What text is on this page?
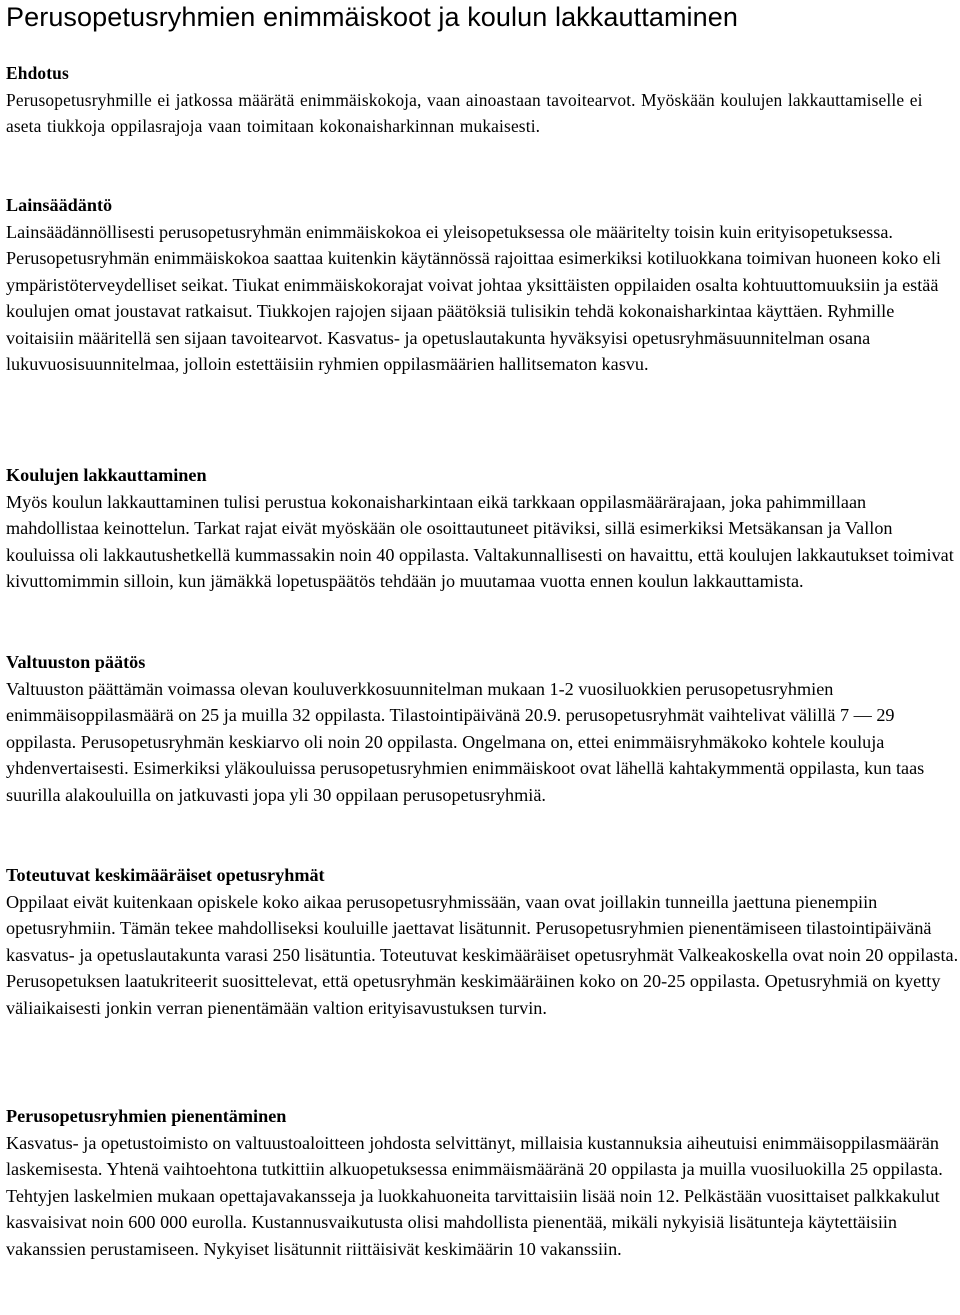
Perusopetusryhmien enimmäiskoot ja koulun lakkauttaminen
Ehdotus
Perusopetusryhmille ei jatkossa määrätä enimmäiskokoja, vaan ainoastaan tavoitearvot. Myöskään koulujen lakkauttamiselle ei aseta tiukkoja oppilasrajoja vaan toimitaan kokonaisharkinnan mukaisesti.
Lainsäädäntö
Lainsäädännöllisesti perusopetusryhmän enimmäiskokoa ei yleisopetuksessa ole määritelty toisin kuin erityisopetuksessa. Perusopetusryhmän enimmäiskokoa saattaa kuitenkin käytännössä rajoittaa esimerkiksi kotiluokkana toimivan huoneen koko eli ympäristöterveydelliset seikat. Tiukat enimmäiskokorajat voivat johtaa yksittäisten oppilaiden osalta kohtuuttomuuksiin ja estää koulujen omat joustavat ratkaisut. Tiukkojen rajojen sijaan päätöksiä tulisikin tehdä kokonaisharkintaa käyttäen. Ryhmille voitaisiin määritellä sen sijaan tavoitearvot. Kasvatus- ja opetuslautakunta hyväksyisi opetusryhmäsuunnitelman osana lukuvuosisuunnitelmaa, jolloin estettäisiin ryhmien oppilasmäärien hallitsematon kasvu.
Koulujen lakkauttaminen
Myös koulun lakkauttaminen tulisi perustua kokonaisharkintaan eikä tarkkaan oppilasmäärärajaan, joka pahimmillaan mahdollistaa keinottelun. Tarkat rajat eivät myöskään ole osoittautuneet pitäviksi, sillä esimerkiksi Metsäkansan ja Vallon kouluissa oli lakkautushetkellä kummassakin noin 40 oppilasta. Valtakunnallisesti on havaittu, että koulujen lakkautukset toimivat kivuttomimmin silloin, kun jämäkkä lopetuspäätös tehdään jo muutamaa vuotta ennen koulun lakkauttamista.
Valtuuston päätös
Valtuuston päättämän voimassa olevan kouluverkkosuunnitelman mukaan 1-2 vuosiluokkien perusopetusryhmien enimmäisoppilasmäärä on 25 ja muilla 32 oppilasta. Tilastointipäivänä 20.9. perusopetusryhmät vaihtelivat välillä 7 — 29 oppilasta. Perusopetusryhmän keskiarvo oli noin 20 oppilasta. Ongelmana on, ettei enimmäisryhmäkoko kohtele kouluja yhdenvertaisesti. Esimerkiksi yläkouluissa perusopetusryhmien enimmäiskoot ovat lähellä kahtakymmentä oppilasta, kun taas suurilla alakouluilla on jatkuvasti jopa yli 30 oppilaan perusopetusryhmiä.
Toteutuvat keskimääräiset opetusryhmät
Oppilaat eivät kuitenkaan opiskele koko aikaa perusopetusryhmissään, vaan ovat joillakin tunneilla jaettuna pienempiin opetusryhmiin. Tämän tekee mahdolliseksi kouluille jaettavat lisätunnit. Perusopetusryhmien pienentämiseen tilastointipäivänä kasvatus- ja opetuslautakunta varasi 250 lisätuntia. Toteutuvat keskimääräiset opetusryhmät Valkeakoskella ovat noin 20 oppilasta. Perusopetuksen laatukriteerit suosittelevat, että opetusryhmän keskimääräinen koko on 20-25 oppilasta. Opetusryhmiä on kyetty väliaikaisesti jonkin verran pienentämään valtion erityisavustuksen turvin.
Perusopetusryhmien pienentäminen
Kasvatus- ja opetustoimisto on valtuustoaloitteen johdosta selvittänyt, millaisia kustannuksia aiheutuisi enimmäisoppilasmäärän laskemisesta. Yhtenä vaihtoehtona tutkittiin alkuopetuksessa enimmäismääränä 20 oppilasta ja muilla vuosiluokilla 25 oppilasta. Tehtyjen laskelmien mukaan opettajavakansseja ja luokkahuoneita tarvittaisiin lisää noin 12. Pelkästään vuosittaiset palkkakulut kasvaisivat noin 600 000 eurolla. Kustannusvaikutusta olisi mahdollista pienentää, mikäli nykyisiä lisätunteja käytettäisiin vakanssien perustamiseen. Nykyiset lisätunnit riittäisivät keskimäärin 10 vakanssiin.
